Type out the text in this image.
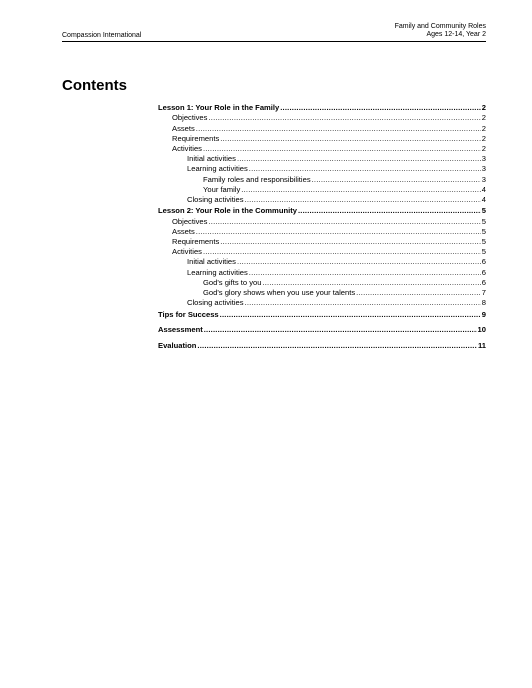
Compassion International
Family and Community Roles
Ages 12-14, Year 2
Contents
Lesson 1: Your Role in the Family .....	2
Objectives .....	2
Assets .....	2
Requirements .....	2
Activities .....	2
Initial activities .....	3
Learning activities .....	3
Family roles and responsibilities .....	3
Your family .....	4
Closing activities .....	4
Lesson 2: Your Role in the Community .....	5
Objectives .....	5
Assets .....	5
Requirements .....	5
Activities .....	5
Initial activities .....	6
Learning activities .....	6
God's gifts to you .....	6
God's glory shows when you use your talents .....	7
Closing activities .....	8
Tips for Success .....	9
Assessment .....	10
Evaluation .....	11
